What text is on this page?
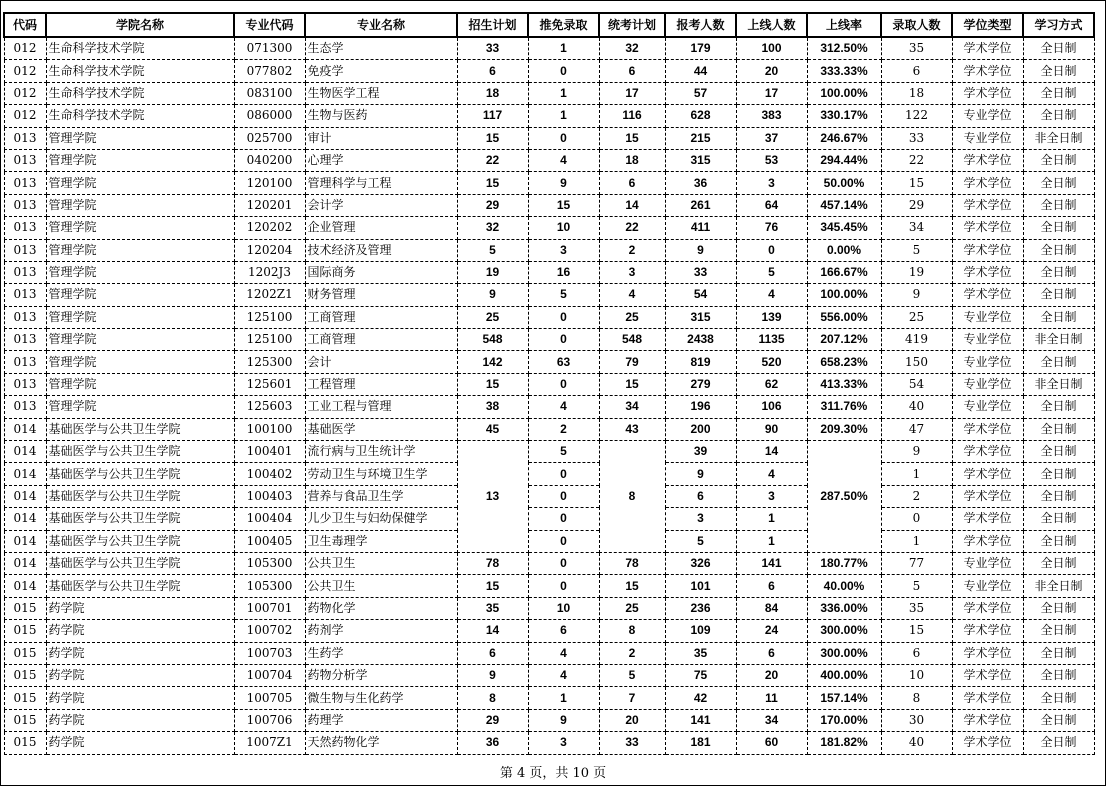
代码	学院名称	专业代码	专业名称	招生计划	推免录取	统考计划	报考人数	上线人数	上线率	录取人数	学位类型	学习方式
012	生命科学技术学院	071300	生态学	33	1	32	179	100	312.50%	35	学术学位	全日制
012	生命科学技术学院	077802	免疫学	6	0	6	44	20	333.33%	6	学术学位	全日制
012	生命科学技术学院	083100	生物医学工程	18	1	17	57	17	100.00%	18	学术学位	全日制
012	生命科学技术学院	086000	生物与医药	117	1	116	628	383	330.17%	122	专业学位	全日制
013	管理学院	025700	审计	15	0	15	215	37	246.67%	33	专业学位	非全日制
013	管理学院	040200	心理学	22	4	18	315	53	294.44%	22	学术学位	全日制
013	管理学院	120100	管理科学与工程	15	9	6	36	3	50.00%	15	学术学位	全日制
013	管理学院	120201	会计学	29	15	14	261	64	457.14%	29	学术学位	全日制
013	管理学院	120202	企业管理	32	10	22	411	76	345.45%	34	学术学位	全日制
013	管理学院	120204	技术经济及管理	5	3	2	9	0	0.00%	5	学术学位	全日制
013	管理学院	1202J3	国际商务	19	16	3	33	5	166.67%	19	学术学位	全日制
013	管理学院	1202Z1	财务管理	9	5	4	54	4	100.00%	9	学术学位	全日制
013	管理学院	125100	工商管理	25	0	25	315	139	556.00%	25	专业学位	全日制
013	管理学院	125100	工商管理	548	0	548	2438	1135	207.12%	419	专业学位	非全日制
013	管理学院	125300	会计	142	63	79	819	520	658.23%	150	专业学位	全日制
013	管理学院	125601	工程管理	15	0	15	279	62	413.33%	54	专业学位	非全日制
013	管理学院	125603	工业工程与管理	38	4	34	196	106	311.76%	40	专业学位	全日制
014	基础医学与公共卫生学院	100100	基础医学	45	2	43	200	90	209.30%	47	学术学位	全日制
014	基础医学与公共卫生学院	100401	流行病与卫生统计学	13	5	8	39	14	287.50%	9	学术学位	全日制
014	基础医学与公共卫生学院	100402	劳动卫生与环境卫生学		0		9	4		1	学术学位	全日制
014	基础医学与公共卫生学院	100403	营养与食品卫生学		0		6	3		2	学术学位	全日制
014	基础医学与公共卫生学院	100404	儿少卫生与妇幼保健学		0		3	1		0	学术学位	全日制
014	基础医学与公共卫生学院	100405	卫生毒理学		0		5	1		1	学术学位	全日制
014	基础医学与公共卫生学院	105300	公共卫生	78	0	78	326	141	180.77%	77	专业学位	全日制
014	基础医学与公共卫生学院	105300	公共卫生	15	0	15	101	6	40.00%	5	专业学位	非全日制
015	药学院	100701	药物化学	35	10	25	236	84	336.00%	35	学术学位	全日制
015	药学院	100702	药剂学	14	6	8	109	24	300.00%	15	学术学位	全日制
015	药学院	100703	生药学	6	4	2	35	6	300.00%	6	学术学位	全日制
015	药学院	100704	药物分析学	9	4	5	75	20	400.00%	10	学术学位	全日制
015	药学院	100705	微生物与生化药学	8	1	7	42	11	157.14%	8	学术学位	全日制
015	药学院	100706	药理学	29	9	20	141	34	170.00%	30	学术学位	全日制
015	药学院	1007Z1	天然药物化学	36	3	33	181	60	181.82%	40	学术学位	全日制
第 4 页，共 10 页
